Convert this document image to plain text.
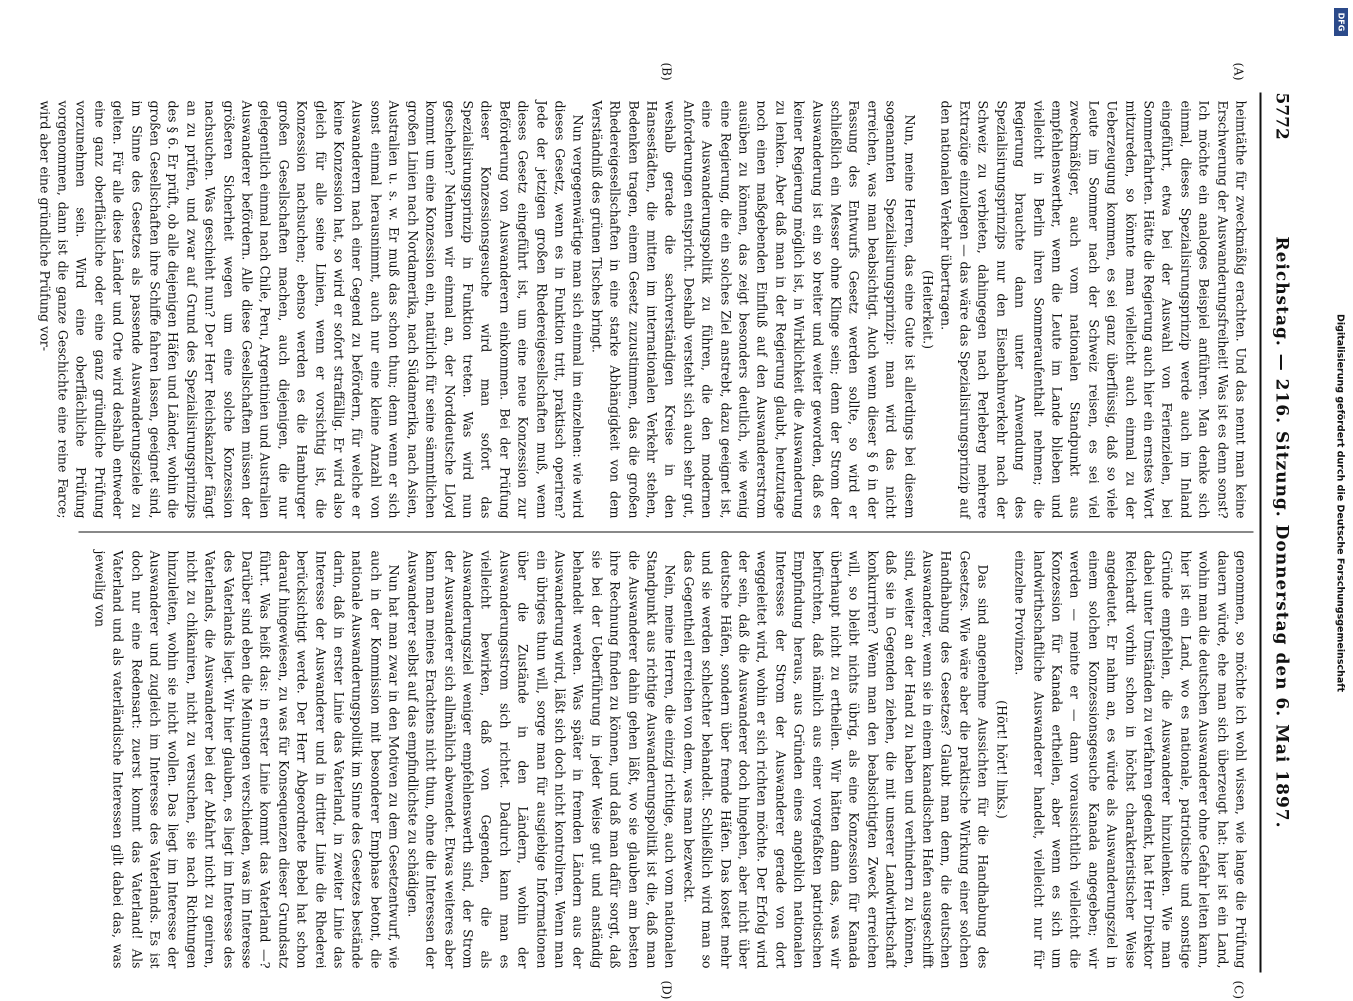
5772
Reichstag. — 216. Sitzung. Donnerstag den 6. Mai 1897.
(A)
(B)
(C)
(D)

heimtäthe für zweckmäßig erachten. Und das nennt man keine Erschwerung der Auswanderungsfreiheit! Was ist es denn sonst? Ich möchte ein analoges Beispiel anführen. Man denke sich einmal, dieses Spezialisirungsprinzip werde auch im Inland eingeführt, etwa bei der Auswahl von Ferienzielen, bei Sommerfahrten. Hätte die Regierung auch hier ein ernstes Wort mitzureden, so könnte man vielleicht auch einmal zu der Ueberzeugung kommen, es sei ganz überflüssig, daß so viele Leute im Sommer nach der Schweiz reisen, es sei viel zweckmäßiger, auch vom nationalen Standpunkt aus empfehlenswerther, wenn die Leute im Lande blieben und vielleicht in Berlin ihren Sommeraufenthalt nehmen; die Regierung brauchte dann unter Anwendung des Spezialisirungsprinzips nur den Eisenbahnverkehr nach der Schweiz zu verbieten, dahingegen nach Perleberg mehrere Extrazüge einzulegen — das wäre das Spezialisirungsprinzip auf den nationalen Verkehr übertragen.

(Heiterkeit.)

Nun, meine Herren, das eine Gute ist allerdings bei diesem sogenannten Spezialisirungsprinzip: man wird das nicht erreichen, was man beabsichtigt. Auch wenn dieser § 6 in der Fassung des Entwurfs Gesetz werden sollte, so wird er schließlich ein Messer ohne Klinge sein; denn der Strom der Auswanderung ist ein so breiter und weiter geworden, daß es keiner Regierung möglich ist, in Wirklichkeit die Auswanderung zu lenken. Aber daß man in der Regierung glaubt, heutzutage noch einen maßgebenden Einfluß auf den Auswandererstrom ausüben zu können, das zeigt besonders deutlich, wie wenig eine Regierung, die ein solches Ziel anstrebt, dazu geeignet ist, eine Auswanderungspolitik zu führen, die den modernen Anforderungen entspricht. Deshalb versteht sich auch sehr gut, weshalb gerade die sachverständigen Kreise in den Hansestädten, die mitten im internationalen Verkehr stehen, Bedenken tragen, einem Gesetz zuzustimmen, das die großen Rhedereigesellschaften in eine starke Abhängigkeit von dem Verständniß des grünen Tisches bringt.

Nun vergegenwärtige man sich einmal im einzelnen: wie wird dieses Gesetz, wenn es in Funktion tritt, praktisch operiren? Jede der jetzigen großen Rhedereigesellschaften muß, wenn dieses Gesetz eingeführt ist, um eine neue Konzession zur Beförderung von Auswanderern einkommen. Bei der Prüfung dieser Konzessionsgesuche wird man sofort das Spezialisirungsprinzip in Funktion treten. Was wird nun geschehen? Nehmen wir einmal an, der Norddeutsche Lloyd kommt um eine Konzession ein, natürlich für seine sämmtlichen großen Linien nach Nordamerika, nach Südamerika, nach Asien, Australien u. s. w. Er muß das schon thun; denn wenn er sich sonst einmal herausnimmt, auch nur eine kleine Anzahl von Auswanderern nach einer Gegend zu befördern, für welche er keine Konzession hat, so wird er sofort straffällig. Er wird also gleich für alle seine Linien, wenn er vorsichtig ist, die Konzession nachsuchen; ebenso werden es die Hamburger großen Gesellschaften machen, auch diejenigen, die nur gelegentlich einmal nach Chile, Peru, Argentinien und Australien Auswanderer befördern. Alle diese Gesellschaften müssen der größeren Sicherheit wegen um eine solche Konzession nachsuchen. Was geschieht nun? Der Herr Reichskanzler fängt an zu prüfen, und zwar auf Grund des Spezialisirungsprinzips des § 6. Er prüft, ob alle diejenigen Häfen und Länder, wohin die großen Gesellschaften ihre Schiffe fahren lassen, geeignet sind, im Sinne des Gesetzes als passende Auswanderungsziele zu gelten. Für alle diese Länder und Orte wird deshalb entweder eine ganz oberflächliche oder eine ganz gründliche Prüfung vorzunehmen sein. Wird eine oberflächliche Prüfung vorgenommen, dann ist die ganze Geschichte eine reine Farce; wird aber eine gründliche Prüfung vor-

genommen, so möchte ich wohl wissen, wie lange die Prüfung dauern würde, ehe man sich überzeugt hat: hier ist ein Land, wohin man die deutschen Auswanderer ohne Gefahr leiten kann, hier ist ein Land, wo es nationale, patriotische und sonstige Gründe empfehlen, die Auswanderer hinzulenken. Wie man dabei unter Umständen zu verfahren gedenkt, hat Herr Direktor Reichardt vorhin schon in höchst charakteristischer Weise angedeutet. Er nahm an, es würde als Auswanderungsziel in einem solchen Konzessionsgesuche Kanada angegeben; wir werden — meinte er — dann voraussichtlich vielleicht die Konzession für Kanada ertheilen, aber wenn es sich um landwirthschaftliche Auswanderer handelt, vielleicht nur für einzelne Provinzen.

(Hört! hört! links.)

Das sind angenehme Aussichten für die Handhabung des Gesetzes. Wie wäre aber die praktische Wirkung einer solchen Handhabung des Gesetzes? Glaubt man denn, die deutschen Auswanderer, wenn sie in einem kanadischen Hafen ausgeschifft sind, weiter an der Hand zu haben und verhindern zu können, daß sie in Gegenden ziehen, die mit unserer Landwirthschaft konkurriren? Wenn man den beabsichtigten Zweck erreichen will, so bleibt nichts übrig, als eine Konzession für Kanada überhaupt nicht zu ertheilen. Wir hätten dann das, was wir befürchten, daß nämlich aus einer vorgefaßten patriotischen Empfindung heraus, aus Gründen eines angeblich nationalen Interesses der Strom der Auswanderer gerade von dort weggeleitet wird, wohin er sich richten möchte. Der Erfolg wird der sein, daß die Auswanderer doch hingehen, aber nicht über deutsche Häfen, sondern über fremde Häfen. Das kostet mehr und sie werden schlechter behandelt. Schließlich wird man so das Gegentheil erreichen von dem, was man bezweckt.

Nein, meine Herren, die einzig richtige, auch vom nationalen Standpunkt aus richtige Auswanderungspolitik ist die, daß man die Auswanderer dahin gehen läßt, wo sie glauben am besten ihre Rechnung finden zu können, und daß man dafür sorgt, daß sie bei der Ueberführung in jeder Weise gut und anständig behandelt werden. Was später in fremden Ländern aus der Auswanderung wird, läßt sich doch nicht kontroliren. Wenn man ein übriges thun will, sorge man für ausgiebige Informationen über die Zustände in den Ländern, wohin der Auswanderungsstrom sich richtet. Dadurch kann man es vielleicht bewirken, daß von Gegenden, die als Auswanderungsziel weniger empfehlenswerth sind, der Strom der Auswanderer sich allmählich abwendet. Etwas weiteres aber kann man meines Erachtens nicht thun, ohne die Interessen der Auswanderer selbst auf das empfindlichste zu schädigen.

Nun hat man zwar in den Motiven zu dem Gesetzentwurf, wie auch in der Kommission mit besonderer Emphase betont, die nationale Auswanderungspolitik im Sinne des Gesetzes bestände darin, daß in erster Linie das Vaterland, in zweiter Linie das Interesse der Auswanderer und in dritter Linie die Rhederei berücksichtigt werde. Der Herr Abgeordnete Bebel hat schon darauf hingewiesen, zu was für Konsequenzen dieser Grundsatz führt. Was heißt das: in erster Linie kommt das Vaterland —? Darüber sind eben die Meinungen verschieden, was im Interesse des Vaterlands liegt. Wir hier glauben, es liegt im Interesse des Vaterlands, die Auswanderer bei der Abfahrt nicht zu geniren, nicht zu chikaniren, nicht zu versuchen, sie nach Richtungen hinzuleiten, wohin sie nicht wollen. Das liegt im Interesse der Auswanderer und zugleich im Interesse des Vaterlands. Es ist doch nur eine Redensart: zuerst kommt das Vaterland! Als Vaterland und als vaterländische Interessen gilt dabei das, was jeweilig von	Digitalisierung gefördert durch die Deutsche Forschungsgemeinschaft
DFG
